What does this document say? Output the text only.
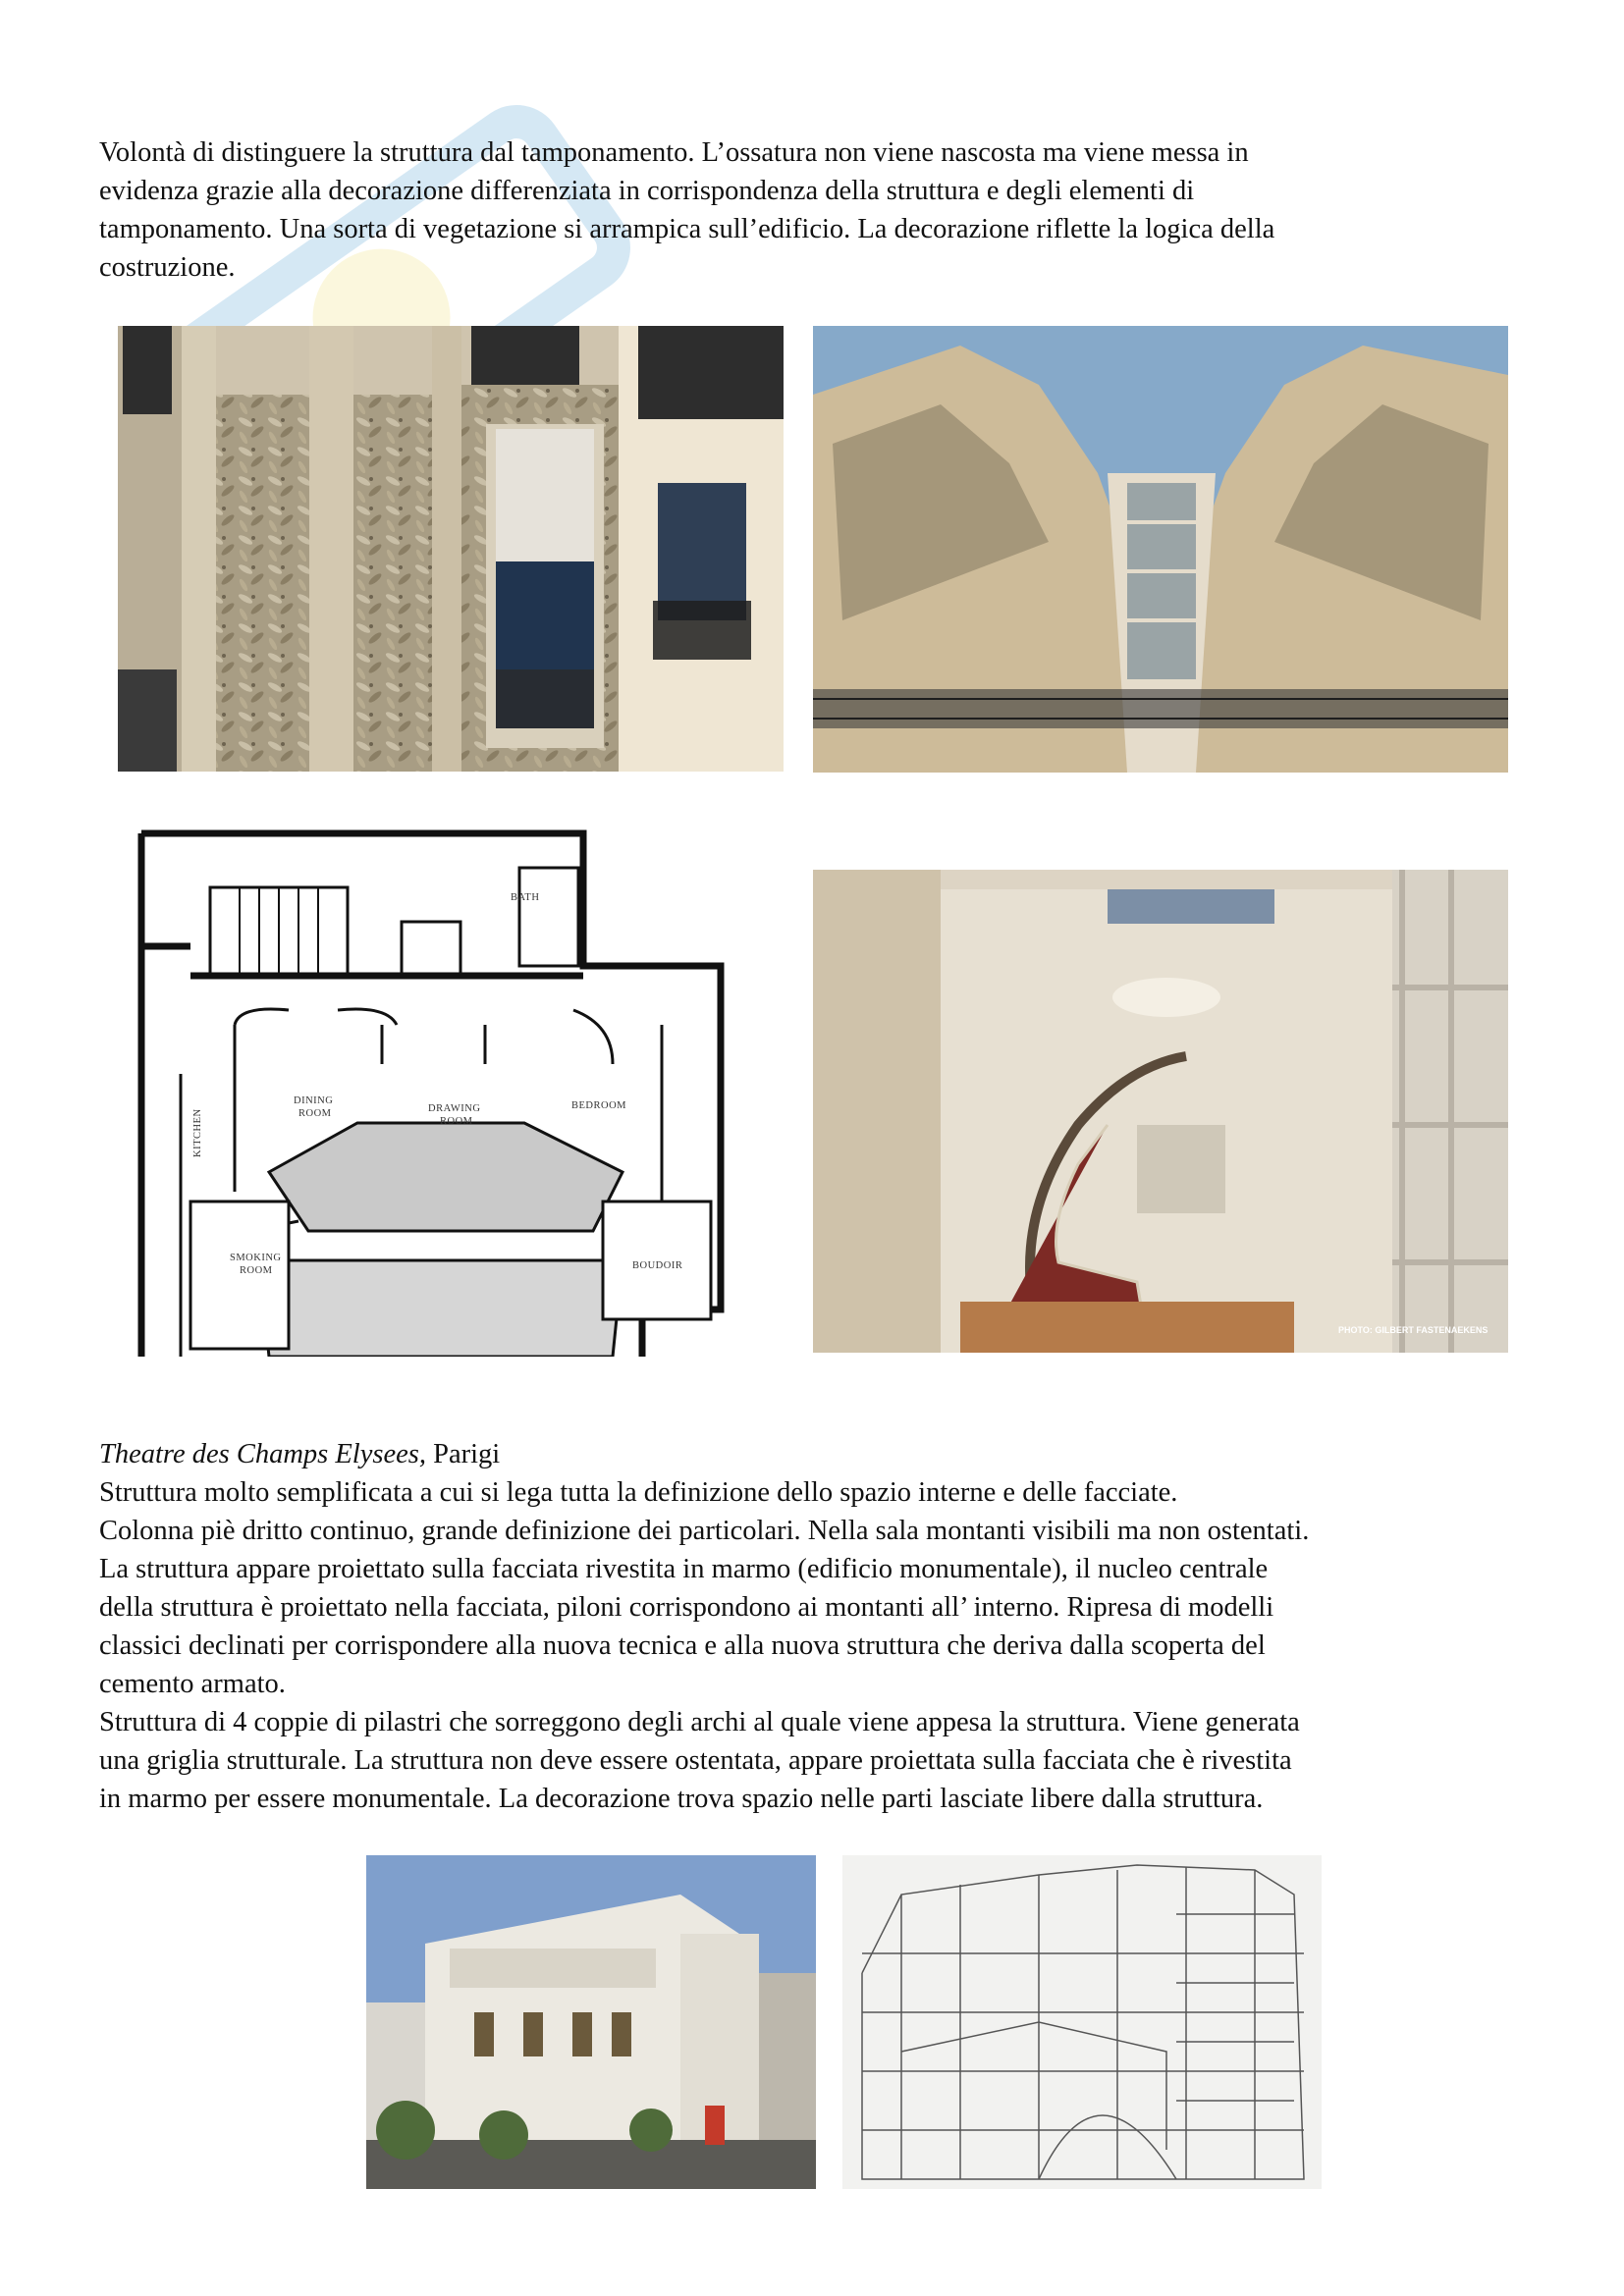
Volontà di distinguere la struttura dal tamponamento. L’ossatura non viene nascosta ma viene messa in
evidenza grazie alla decorazione differenziata in corrispondenza della struttura e degli elementi di
tamponamento. Una sorta di vegetazione si arrampica sull’edificio. La decorazione riflette la logica della
costruzione.

BATH
KITCHEN
DINING
ROOM	DRAWING
ROOM
BEDROOM
SMOKING
ROOM	BOUDOIR
PHOTO: GILBERT FASTENAEKENS
Theatre des Champs Elysees, Parigi
Struttura molto semplificata a cui si lega tutta la definizione dello spazio interne e delle facciate.
Colonna piè dritto continuo, grande definizione dei particolari. Nella sala montanti visibili ma non ostentati.
La struttura appare proiettato sulla facciata rivestita in marmo (edificio monumentale), il nucleo centrale
della struttura è proiettato nella facciata, piloni corrispondono ai montanti all’ interno. Ripresa di modelli
classici declinati per corrispondere alla nuova tecnica e alla nuova struttura che deriva dalla scoperta del
cemento armato.
Struttura di 4 coppie di pilastri che sorreggono degli archi al quale viene appesa la struttura. Viene generata
una griglia strutturale. La struttura non deve essere ostentata, appare proiettata sulla facciata che è rivestita
in marmo per essere monumentale. La decorazione trova spazio nelle parti lasciate libere dalla struttura.
